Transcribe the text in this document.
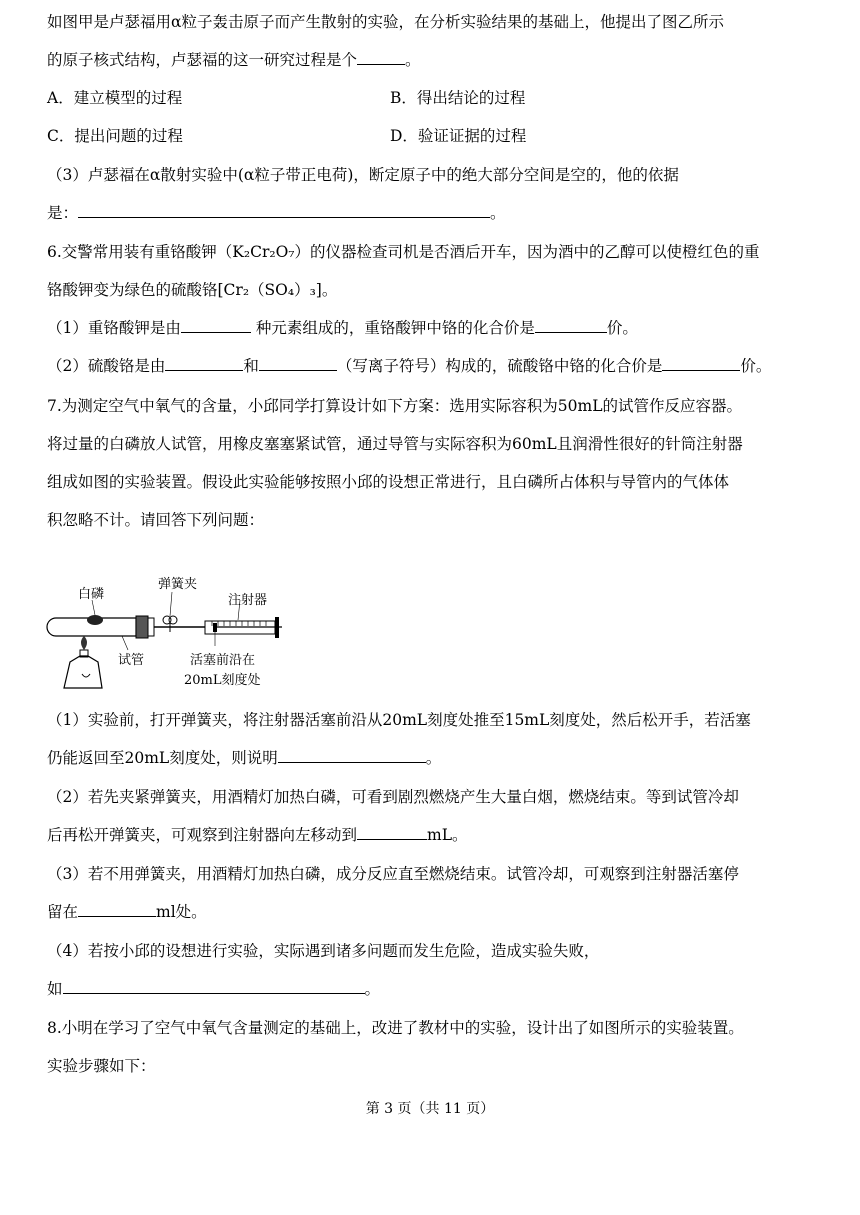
如图甲是卢瑟福用α粒子轰击原子而产生散射的实验，在分析实验结果的基础上，他提出了图乙所示
的原子核式结构，卢瑟福的这一研究过程是个	。
A．建立模型的过程	B．得出结论的过程
C．提出问题的过程	D．验证证据的过程
（3）卢瑟福在α散射实验中(α粒子带正电荷)，断定原子中的绝大部分空间是空的，他的依据
是：	。
6.交警常用装有重铬酸钾（K₂Cr₂O₇）的仪器检查司机是否酒后开车，因为酒中的乙醇可以使橙红色的重
铬酸钾变为绿色的硫酸铬[Cr₂（SO₄）₃]。
（1）重铬酸钾是由	种元素组成的，重铬酸钾中铬的化合价是	价。
（2）硫酸铬是由	和	（写离子符号）构成的，硫酸铬中铬的化合价是	价。
7.为测定空气中氧气的含量，小邱同学打算设计如下方案：选用实际容积为50mL的试管作反应容器。
将过量的白磷放人试管，用橡皮塞塞紧试管，通过导管与实际容积为60mL且润滑性很好的针筒注射器
组成如图的实验装置。假设此实验能够按照小邱的设想正常进行，且白磷所占体积与导管内的气体体
积忽略不计。请回答下列问题：
白磷
弹簧夹
注射器
试管	活塞前沿在
20mL刻度处
（1）实验前，打开弹簧夹，将注射器活塞前沿从20mL刻度处推至15mL刻度处，然后松开手，若活塞
仍能返回至20mL刻度处，则说明	。
（2）若先夹紧弹簧夹，用酒精灯加热白磷，可看到剧烈燃烧产生大量白烟，燃烧结束。等到试管冷却
后再松开弹簧夹，可观察到注射器向左移动到	mL。
（3）若不用弹簧夹，用酒精灯加热白磷，成分反应直至燃烧结束。试管冷却，可观察到注射器活塞停
留在	ml处。
（4）若按小邱的设想进行实验，实际遇到诸多问题而发生危险，造成实验失败，
如	。
8.小明在学习了空气中氧气含量测定的基础上，改进了教材中的实验，设计出了如图所示的实验装置。
实验步骤如下：
第 3 页（共 11 页）
